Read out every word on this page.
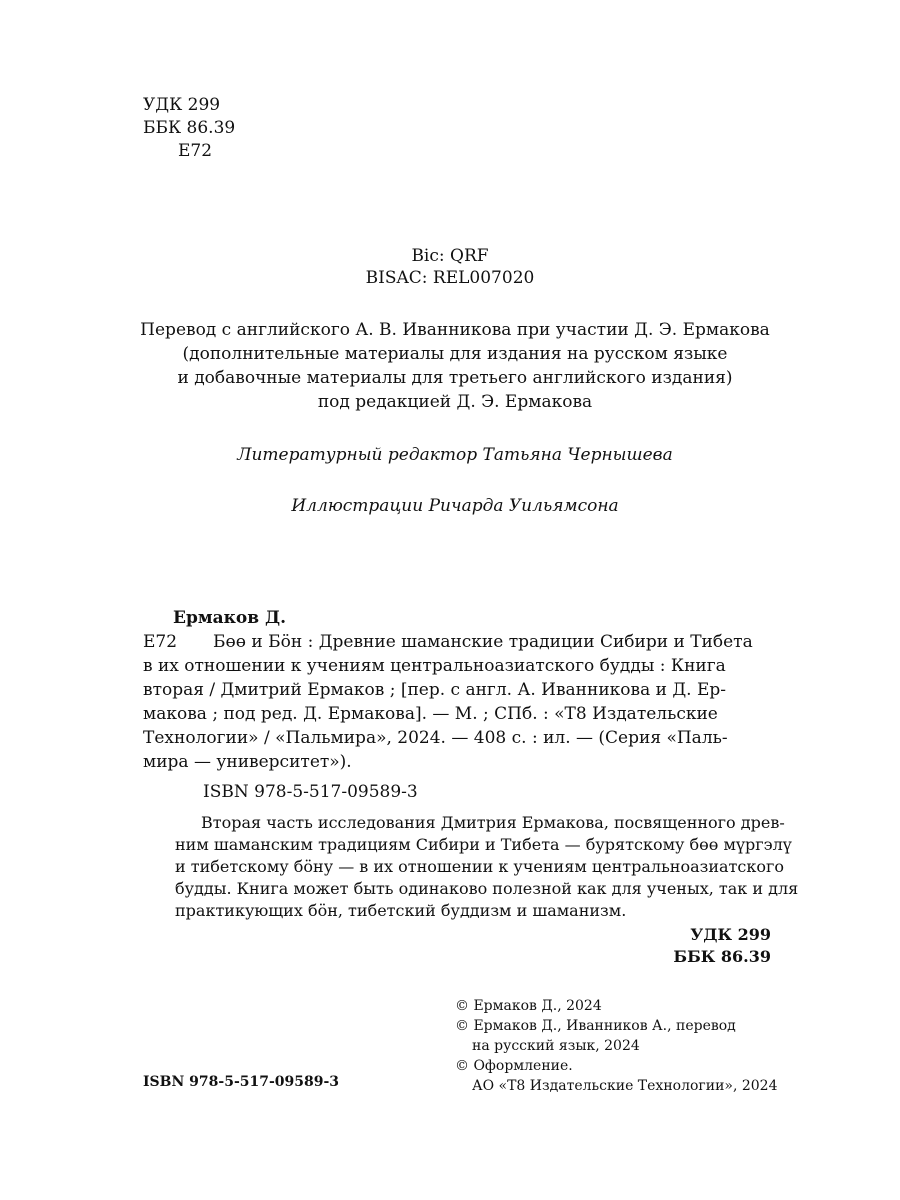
УДК 299
ББК 86.39
Е72
Bic: QRF
BISAC: REL007020
Перевод с английского А. В. Иванникова при участии Д. Э. Ермакова
(дополнительные материалы для издания на русском языке
и добавочные материалы для третьего английского издания)
под редакцией Д. Э. Ермакова
Литературный редактор Татьяна Чернышева
Иллюстрации Ричарда Уильямсона
Ермаков Д.
Е72	Бөө и Бӧн : Древние шаманские традиции Сибири и Тибета
в их отношении к учениям центральноазиатского будды : Книга
вторая / Дмитрий Ермаков ; [пер. с англ. А. Иванникова и Д. Ер-
макова ; под ред. Д. Ермакова]. — М. ; СПб. : «Т8 Издательские
Технологии» / «Пальмира», 2024. — 408 с. : ил. — (Серия «Паль-
мира — университет»).
ISBN 978-5-517-09589-3
Вторая часть исследования Дмитрия Ермакова, посвященного древ-
ним шаманским традициям Сибири и Тибета — бурятскому бөө мүргэлү
и тибетскому бӧну — в их отношении к учениям центральноазиатского
будды. Книга может быть одинаково полезной как для ученых, так и для
практикующих бӧн, тибетский буддизм и шаманизм.
УДК 299
ББК 86.39
ISBN 978-5-517-09589-3
© Ермаков Д., 2024
© Ермаков Д., Иванников А., перевод
на русский язык, 2024
© Оформление.
АО «Т8 Издательские Технологии», 2024
